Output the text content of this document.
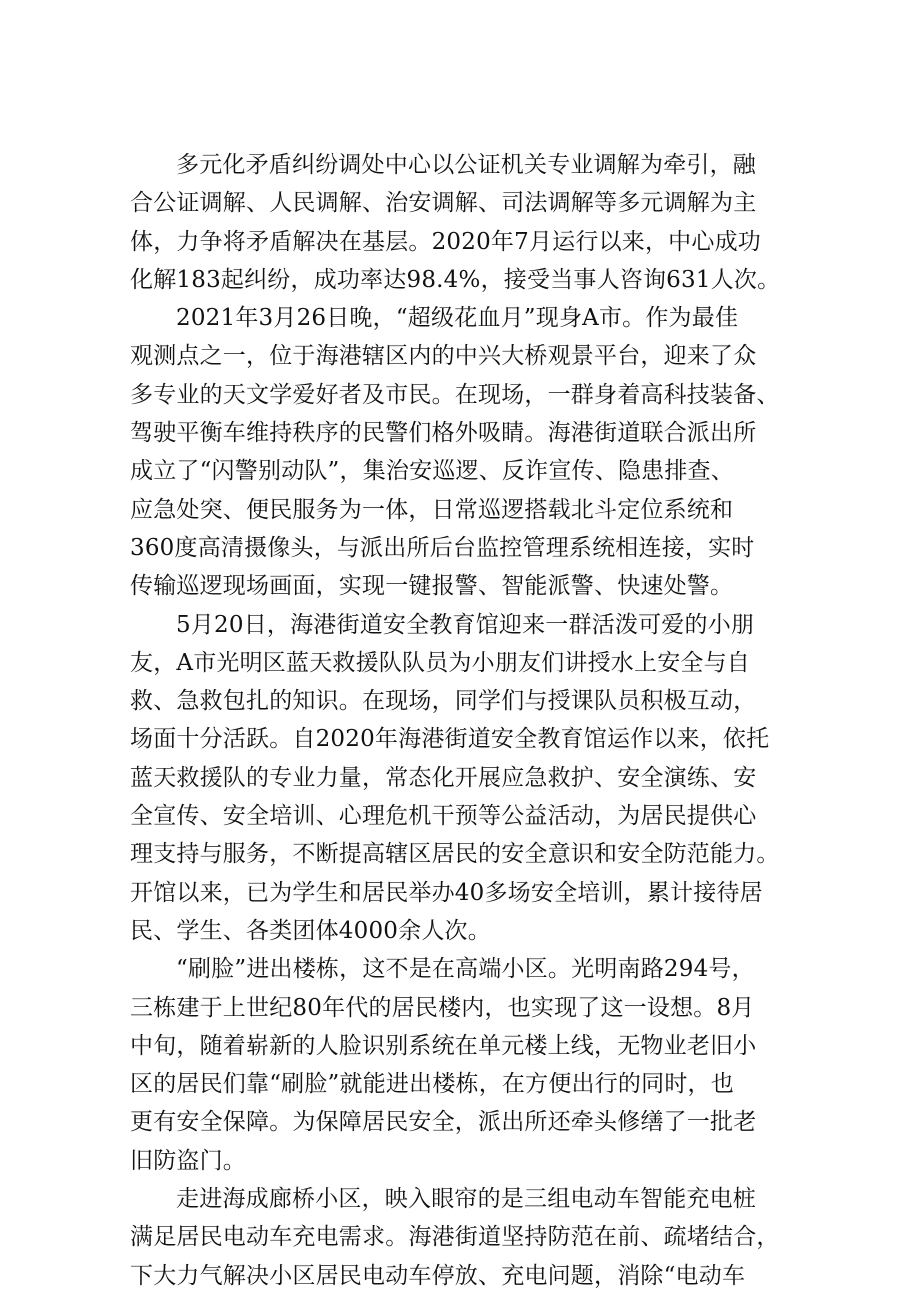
多元化矛盾纠纷调处中心以公证机关专业调解为牵引，融
合公证调解、人民调解、治安调解、司法调解等多元调解为主
体，力争将矛盾解决在基层。2020年7月运行以来，中心成功
化解183起纠纷，成功率达98.4%，接受当事人咨询631人次。
2021年3月26日晚，“超级花血月”现身A市。作为最佳
观测点之一，位于海港辖区内的中兴大桥观景平台，迎来了众
多专业的天文学爱好者及市民。在现场，一群身着高科技装备、
驾驶平衡车维持秩序的民警们格外吸睛。海港街道联合派出所
成立了“闪警别动队”，集治安巡逻、反诈宣传、隐患排查、
应急处突、便民服务为一体，日常巡逻搭载北斗定位系统和
360度高清摄像头，与派出所后台监控管理系统相连接，实时
传输巡逻现场画面，实现一键报警、智能派警、快速处警。
5月20日，海港街道安全教育馆迎来一群活泼可爱的小朋
友，A市光明区蓝天救援队队员为小朋友们讲授水上安全与自
救、急救包扎的知识。在现场，同学们与授课队员积极互动，
场面十分活跃。自2020年海港街道安全教育馆运作以来，依托
蓝天救援队的专业力量，常态化开展应急救护、安全演练、安
全宣传、安全培训、心理危机干预等公益活动，为居民提供心
理支持与服务，不断提高辖区居民的安全意识和安全防范能力。
开馆以来，已为学生和居民举办40多场安全培训，累计接待居
民、学生、各类团体4000余人次。
“刷脸”进出楼栋，这不是在高端小区。光明南路294号，
三栋建于上世纪80年代的居民楼内，也实现了这一设想。8月
中旬，随着崭新的人脸识别系统在单元楼上线，无物业老旧小
区的居民们靠“刷脸”就能进出楼栋，在方便出行的同时，也
更有安全保障。为保障居民安全，派出所还牵头修缮了一批老
旧防盗门。
走进海成廊桥小区，映入眼帘的是三组电动车智能充电桩
满足居民电动车充电需求。海港街道坚持防范在前、疏堵结合，
下大力气解决小区居民电动车停放、充电问题，消除“电动车
